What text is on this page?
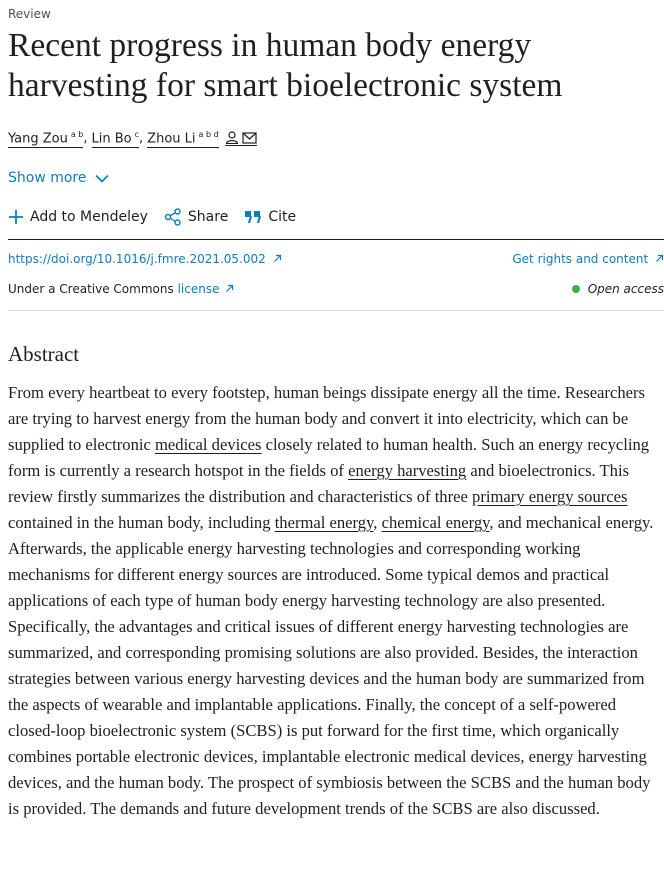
Review
Recent progress in human body energy harvesting for smart bioelectronic system
Yang Zou $^{a b}$ , Lin Bo $^c$ , Zhou Li $^{a b d}$
Show more
Add to Mendeley	Share	Cite
https://doi.org/10.1016/j.fmre.2021.05.002	Get rights and content
Under a Creative Commons license	Open access
Abstract

From every heartbeat to every footstep, human beings dissipate energy all the time. Researchers are trying to harvest energy from the human body and convert it into electricity, which can be supplied to electronic medical devices closely related to human health. Such an energy recycling form is currently a research hotspot in the fields of energy harvesting and bioelectronics. This review firstly summarizes the distribution and characteristics of three primary energy sources contained in the human body, including thermal energy, chemical energy, and mechanical energy. Afterwards, the applicable energy harvesting technologies and corresponding working mechanisms for different energy sources are introduced. Some typical demos and practical applications of each type of human body energy harvesting technology are also presented. Specifically, the advantages and critical issues of different energy harvesting technologies are summarized, and corresponding promising solutions are also provided. Besides, the interaction strategies between various energy harvesting devices and the human body are summarized from the aspects of wearable and implantable applications. Finally, the concept of a self-powered closed-loop bioelectronic system (SCBS) is put forward for the first time, which organically combines portable electronic devices, implantable electronic medical devices, energy harvesting devices, and the human body. The prospect of symbiosis between the SCBS and the human body is provided. The demands and future development trends of the SCBS are also discussed.
